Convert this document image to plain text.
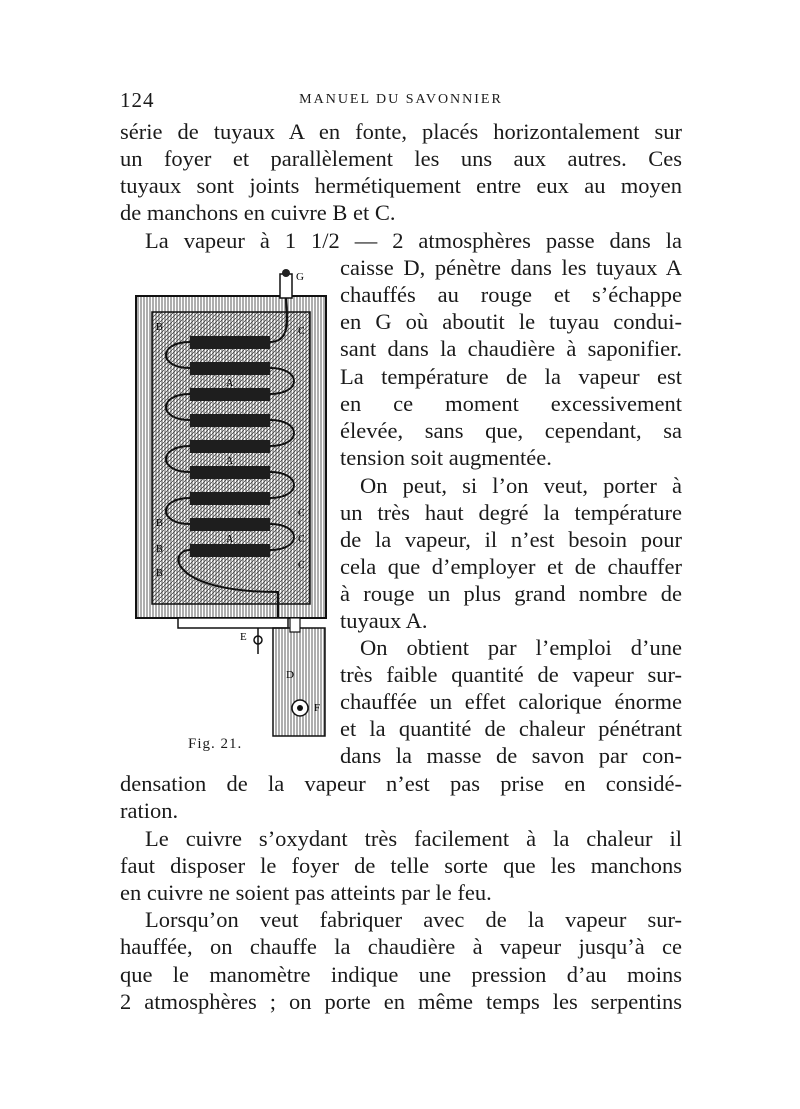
124	MANUEL DU SAVONNIER
série de tuyaux A en fonte, placés horizontalement sur
un foyer et parallèlement les uns aux autres. Ces
tuyaux sont joints hermétiquement entre eux au moyen
de manchons en cuivre B et C.
La vapeur à 1 1/2 — 2 atmosphères passe dans la
caisse D, pénètre dans les tuyaux A
chauffés au rouge et s’échappe
en G où aboutit le tuyau condui-
sant dans la chaudière à saponifier.
La température de la vapeur est
en ce moment excessivement
élevée, sans que, cependant, sa
tension soit augmentée.
On peut, si l’on veut, porter à
un très haut degré la température
de la vapeur, il n’est besoin pour
cela que d’employer et de chauffer
à rouge un plus grand nombre de
tuyaux A.
On obtient par l’emploi d’une
très faible quantité de vapeur sur-
chauffée un effet calorique énorme
et la quantité de chaleur pénétrant
dans la masse de savon par con-
densation de la vapeur n’est pas prise en considé-
ration.
Le cuivre s’oxydant très facilement à la chaleur il
faut disposer le foyer de telle sorte que les manchons
en cuivre ne soient pas atteints par le feu.
Lorsqu’on veut fabriquer avec de la vapeur sur-
hauffée, on chauffe la chaudière à vapeur jusqu’à ce
que le manomètre indique une pression d’au moins
2 atmosphères ; on porte en même temps les serpentins
G
B	C
A
A
A
B
B
B
C
C
C
E
D
F
Fig. 21.
